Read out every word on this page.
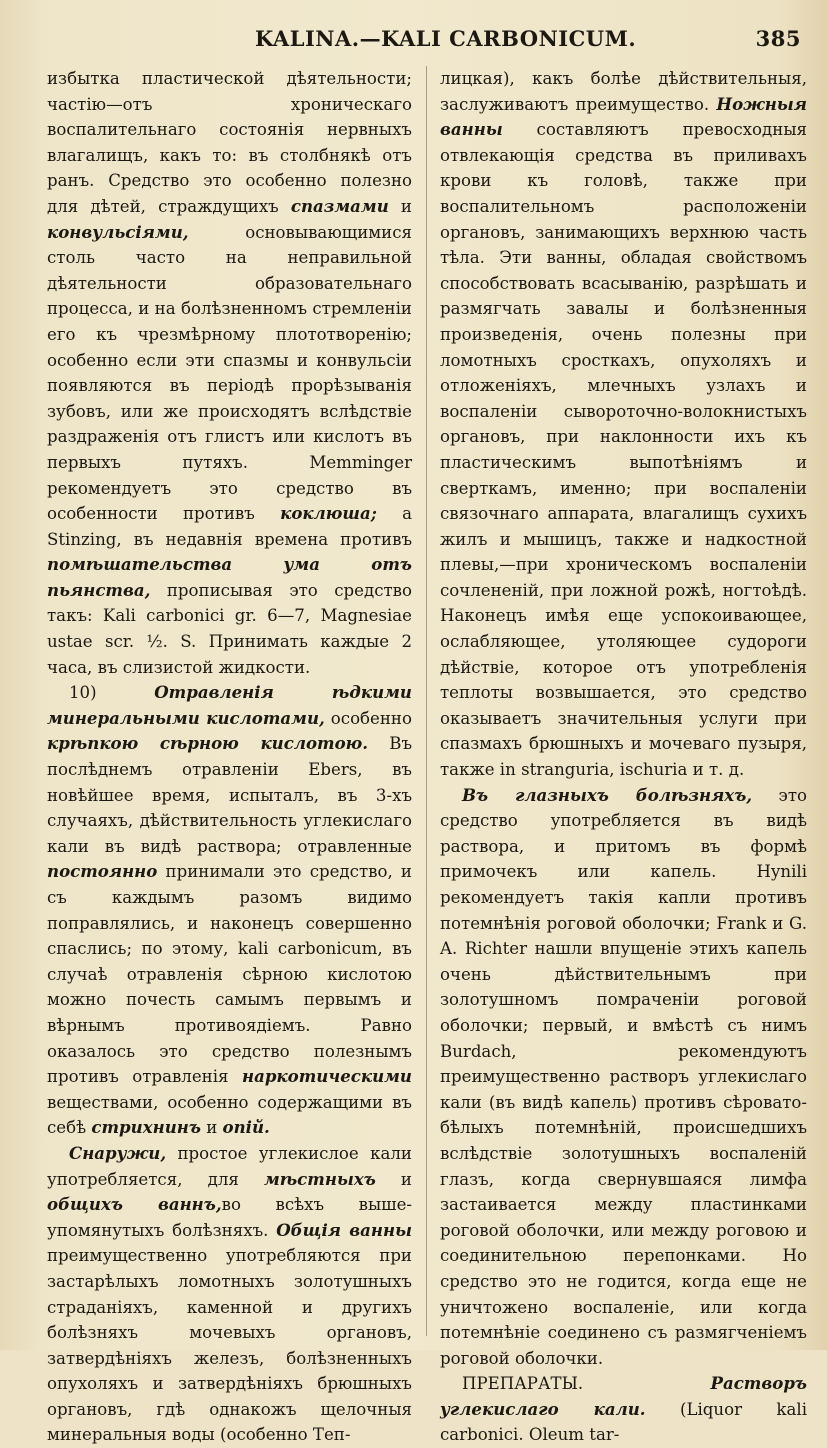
KALINA.—KALI CARBONICUM.	385

избытка пластической дѣятельности; частію—отъ хроническаго воспалительнаго состоянія нервныхъ влагалищъ, какъ то: въ столбнякѣ отъ ранъ. Средство это особенно полезно для дѣтей, страждущихъ спазмами и конвульсіями, основывающимися столь часто на неправильной дѣятельности образовательнаго процесса, и на болѣзненномъ стремленіи его къ чрезмѣрному плототворенію; особенно если эти спазмы и конвульсіи появляются въ періодѣ прорѣзыванія зубовъ, или же происходятъ вслѣдствіе раздраженія отъ глистъ или кислотъ въ первыхъ путяхъ. Memminger рекомендуетъ это средство въ особенности противъ коклюша; а Stinzing, въ недавнія времена противъ помѣшательства ума отъ пьянства, прописывая это средство такъ: Kali carbonici gr. 6—7, Magnesiae ustae scr. ½. S. Принимать каждые 2 часа, въ слизистой жидкости.

10) Отравленія ѣдкими минеральными кислотами, особенно крѣпкою сѣрною кислотою. Въ послѣднемъ отравленіи Ebers, въ новѣйшее время, испыталъ, въ 3-хъ случаяхъ, дѣйствительность углекислаго кали въ видѣ раствора; отравленные постоянно принимали это средство, и съ каждымъ разомъ видимо поправлялись, и наконецъ совершенно спаслись; по этому, kali carbonicum, въ случаѣ отравленія сѣрною кислотою можно почесть самымъ первымъ и вѣрнымъ противоядіемъ. Равно оказалось это средство полезнымъ противъ отравленія наркотическими веществами, особенно содержащими въ себѣ стрихнинъ и опій.

Снаружи, простое углекислое кали употребляется, для мѣстныхъ и общихъ ваннъ,во всѣхъ выше-упомянутыхъ болѣзняхъ. Общія ванны преимущественно употребляются при застарѣлыхъ ломотныхъ золотушныхъ страданіяхъ, каменной и другихъ болѣзняхъ мочевыхъ органовъ, затвердѣніяхъ железъ, болѣзненныхъ опухоляхъ и затвердѣніяхъ брюшныхъ органовъ, гдѣ однакожъ щелочныя минеральныя воды (особенно Теп-

лицкая), какъ болѣе дѣйствительныя, заслуживаютъ преимущество. Ножныя ванны составляютъ превосходныя отвлекающія средства въ приливахъ крови къ головѣ, также при воспалительномъ расположеніи органовъ, занимающихъ верхнюю часть тѣла. Эти ванны, обладая свойствомъ способствовать всасыванію, разрѣшать и размягчать завалы и болѣзненныя произведенія, очень полезны при ломотныхъ сросткахъ, опухоляхъ и отложеніяхъ, млечныхъ узлахъ и воспаленіи сывороточно-волокнистыхъ органовъ, при наклонности ихъ къ пластическимъ выпотѣніямъ и сверткамъ, именно; при воспаленіи связочнаго аппарата, влагалищъ сухихъ жилъ и мышицъ, также и надкостной плевы,—при хроническомъ воспаленіи сочлененій, при ложной рожѣ, ногтоѣдѣ. Наконецъ имѣя еще успокоивающее, ослабляющее, утоляющее судороги дѣйствіе, которое отъ употребленія теплоты возвышается, это средство оказываетъ значительныя услуги при спазмахъ брюшныхъ и мочеваго пузыря, также in stranguria, ischuria и т. д.

Въ глазныхъ болѣзняхъ, это средство употребляется въ видѣ раствора, и притомъ въ формѣ примочекъ или капель. Hynili рекомендуетъ такія капли противъ потемнѣнія роговой оболочки; Frank и G. A. Richter нашли впущеніе этихъ капель очень дѣйствительнымъ при золотушномъ помраченіи роговой оболочки; первый, и вмѣстѣ съ нимъ Burdach, рекомендуютъ преимущественно растворъ углекислаго кали (въ видѣ капель) противъ сѣровато-бѣлыхъ потемнѣній, происшедшихъ вслѣдствіе золотушныхъ воспаленій глазъ, когда свернувшаяся лимфа застаивается между пластинками роговой оболочки, или между роговою и соединительною перепонками. Но средство это не годится, когда еще не уничтожено воспаленіе, или когда потемнѣніе соединено съ размягченіемъ роговой оболочки.

ПРЕПАРАТЫ. Растворъ углекислаго кали. (Liquor kali carbonici. Oleum tar-
